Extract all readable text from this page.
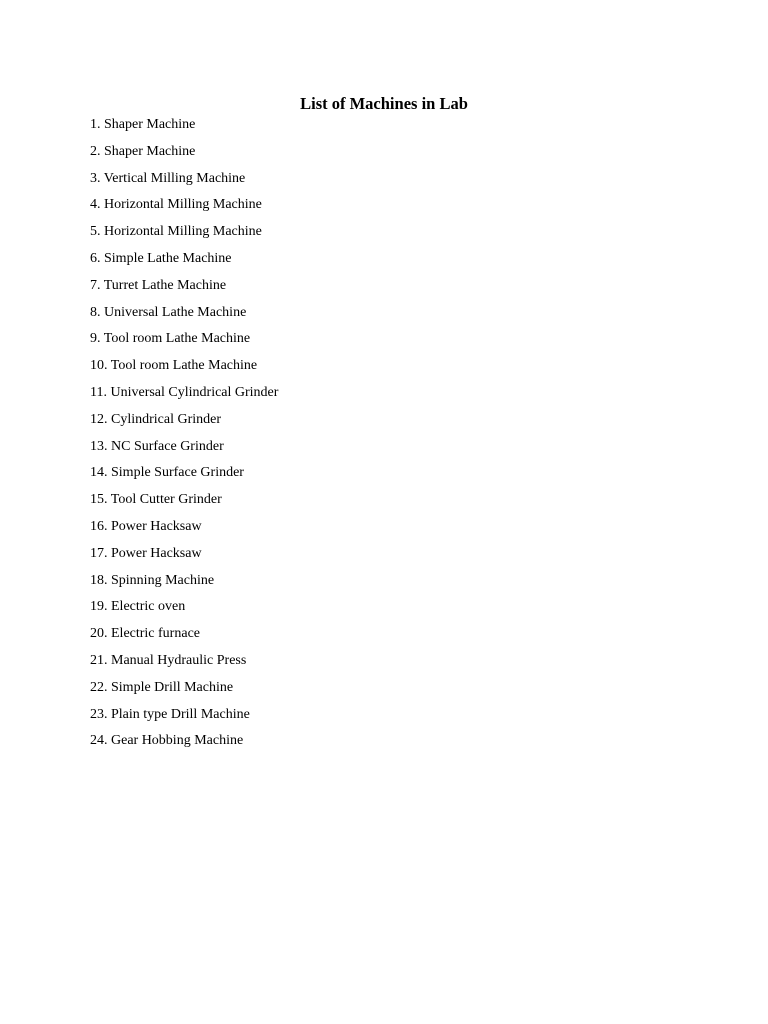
List of Machines in Lab
1. Shaper Machine
2. Shaper Machine
3. Vertical Milling Machine
4. Horizontal Milling Machine
5. Horizontal Milling Machine
6. Simple Lathe Machine
7. Turret Lathe Machine
8. Universal Lathe Machine
9. Tool room Lathe Machine
10. Tool room Lathe Machine
11. Universal Cylindrical Grinder
12. Cylindrical Grinder
13. NC Surface Grinder
14. Simple Surface Grinder
15. Tool Cutter Grinder
16. Power Hacksaw
17. Power Hacksaw
18. Spinning Machine
19. Electric oven
20. Electric furnace
21. Manual Hydraulic Press
22. Simple Drill Machine
23. Plain type Drill Machine
24. Gear Hobbing Machine
